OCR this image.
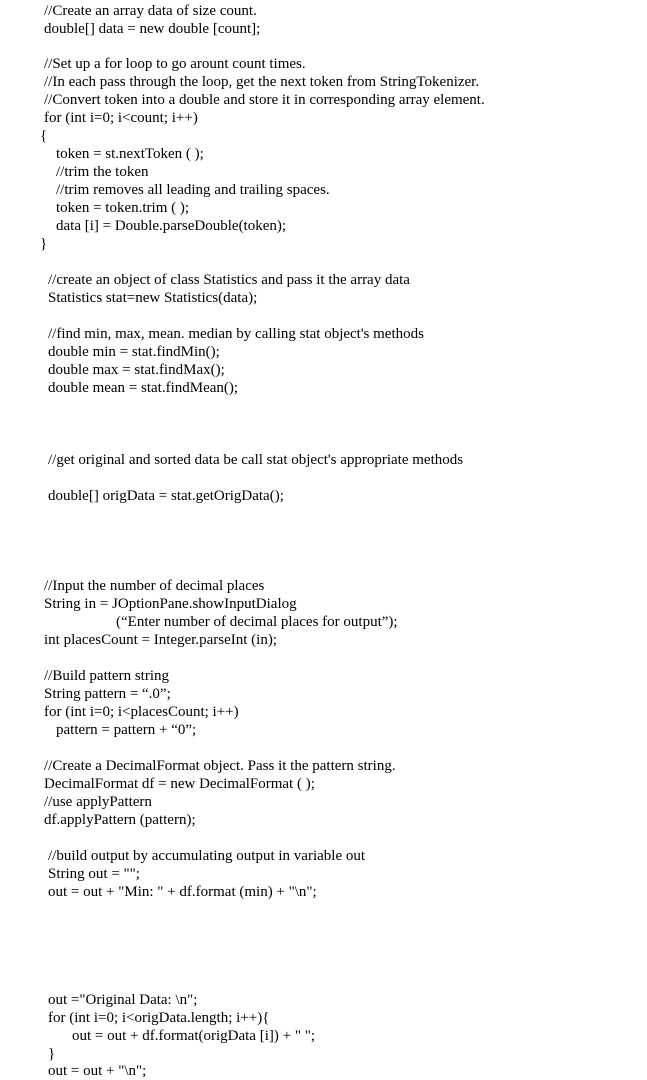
//Create an array data of size count.
double[] data = new double [count];
//Set up a for loop to go arount count times.
//In each pass through the loop, get the next token from StringTokenizer.
//Convert token into a double and store it in corresponding array element.
for (int i=0; i<count; i++)
{
token = st.nextToken ( );
//trim the token
//trim removes all leading and trailing spaces.
token = token.trim ( );
data [i] = Double.parseDouble(token);
}
//create an object of class Statistics and pass it the array data
Statistics stat=new Statistics(data);
//find min, max, mean. median by calling stat object's methods
double min = stat.findMin();
double max = stat.findMax();
double mean = stat.findMean();
//get original and sorted data be call stat object's appropriate methods
double[] origData = stat.getOrigData();
//Input the number of decimal places
String in = JOptionPane.showInputDialog
(“Enter number of decimal places for output”);
int placesCount = Integer.parseInt (in);
//Build pattern string
String pattern = “.0”;
for (int i=0; i<placesCount; i++)
pattern = pattern + “0”;
//Create a DecimalFormat object. Pass it the pattern string.
DecimalFormat df = new DecimalFormat ( );
//use applyPattern
df.applyPattern (pattern);
//build output by accumulating output in variable out
String out = "";
out = out + "Min: " + df.format (min) + "\n";
out ="Original Data: \n";
for (int i=0; i<origData.length; i++){
out = out + df.format(origData [i]) + " ";
}
out = out + "\n";
